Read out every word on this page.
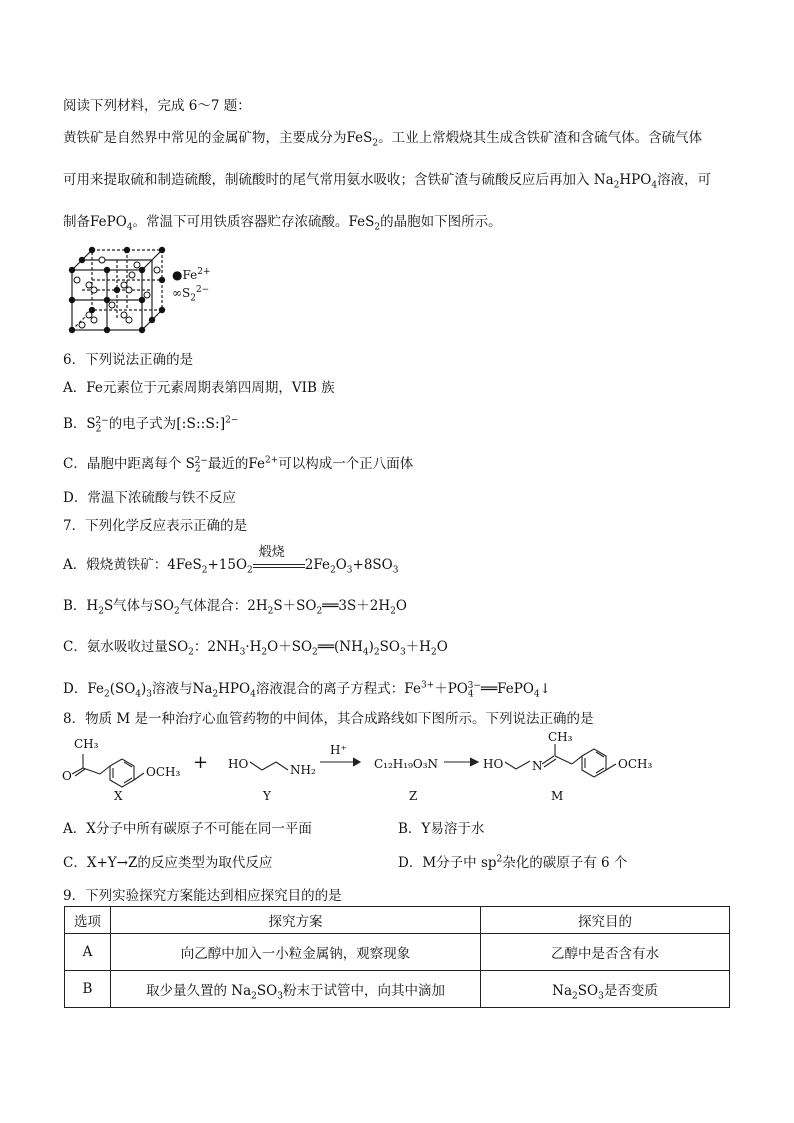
阅读下列材料，完成 6～7 题：
黄铁矿是自然界中常见的金属矿物，主要成分为FeS$_2$。工业上常煅烧其生成含铁矿渣和含硫气体。含硫气体
可用来提取硫和制造硫酸，制硫酸时的尾气常用氨水吸收；含铁矿渣与硫酸反应后再加入 $Na_2HPO_4$溶液，可
制备FePO$_4$。常温下可用铁质容器贮存浓硫酸。FeS$_2$的晶胞如下图所示。
$●Fe^{2+}$
$\infty S_2^{2-}$
6．下列说法正确的是
A．Fe元素位于元素周期表第四周期，VIB 族
B．$S_2^{2-}$的电子式为[:S::S:]$^{2-}$
C．晶胞中距离每个 $S_2^{2-}$最近的$Fe^{2+}$可以构成一个正八面体
D．常温下浓硫酸与铁不反应
7．下列化学反应表示正确的是
A．煅烧黄铁矿：$4FeS_2+15O_2$
煅烧
$2Fe_2O_3+8SO_3$
B．$H_2S$气体与$SO_2$气体混合：$2H_2S+SO_2══3S+2H_2O$
C．氨水吸收过量$SO_2$：$2NH_3\cdot H_2O+SO_2══(NH_4)_2SO_3+H_2O$
D．$Fe_2(SO_4)_3$溶液与$Na_2HPO_4$溶液混合的离子方程式：$Fe^{3+}+PO_4^{3-}══FePO_4↓$
8．物质 M 是一种治疗心血管药物的中间体，其合成路线如下图所示。下列说法正确的是
CH₃
O	OCH₃ + HO	NH₂
H⁺
C₁₂H₁₉O₃N	HO N
CH₃
OCH₃
X	Y	Z	M
A．X分子中所有碳原子不可能在同一平面	B．Y易溶于水
C．X+Y→Z的反应类型为取代反应	D．M分子中 $sp^2$杂化的碳原子有 6 个
9．下列实验探究方案能达到相应探究目的的是
选项	探究方案	探究目的
A	向乙醇中加入一小粒金属钠，观察现象	乙醇中是否含有水
B	取少量久置的 $Na_2SO_3$粉末于试管中，向其中滴加	$Na_2SO_3$是否变质
